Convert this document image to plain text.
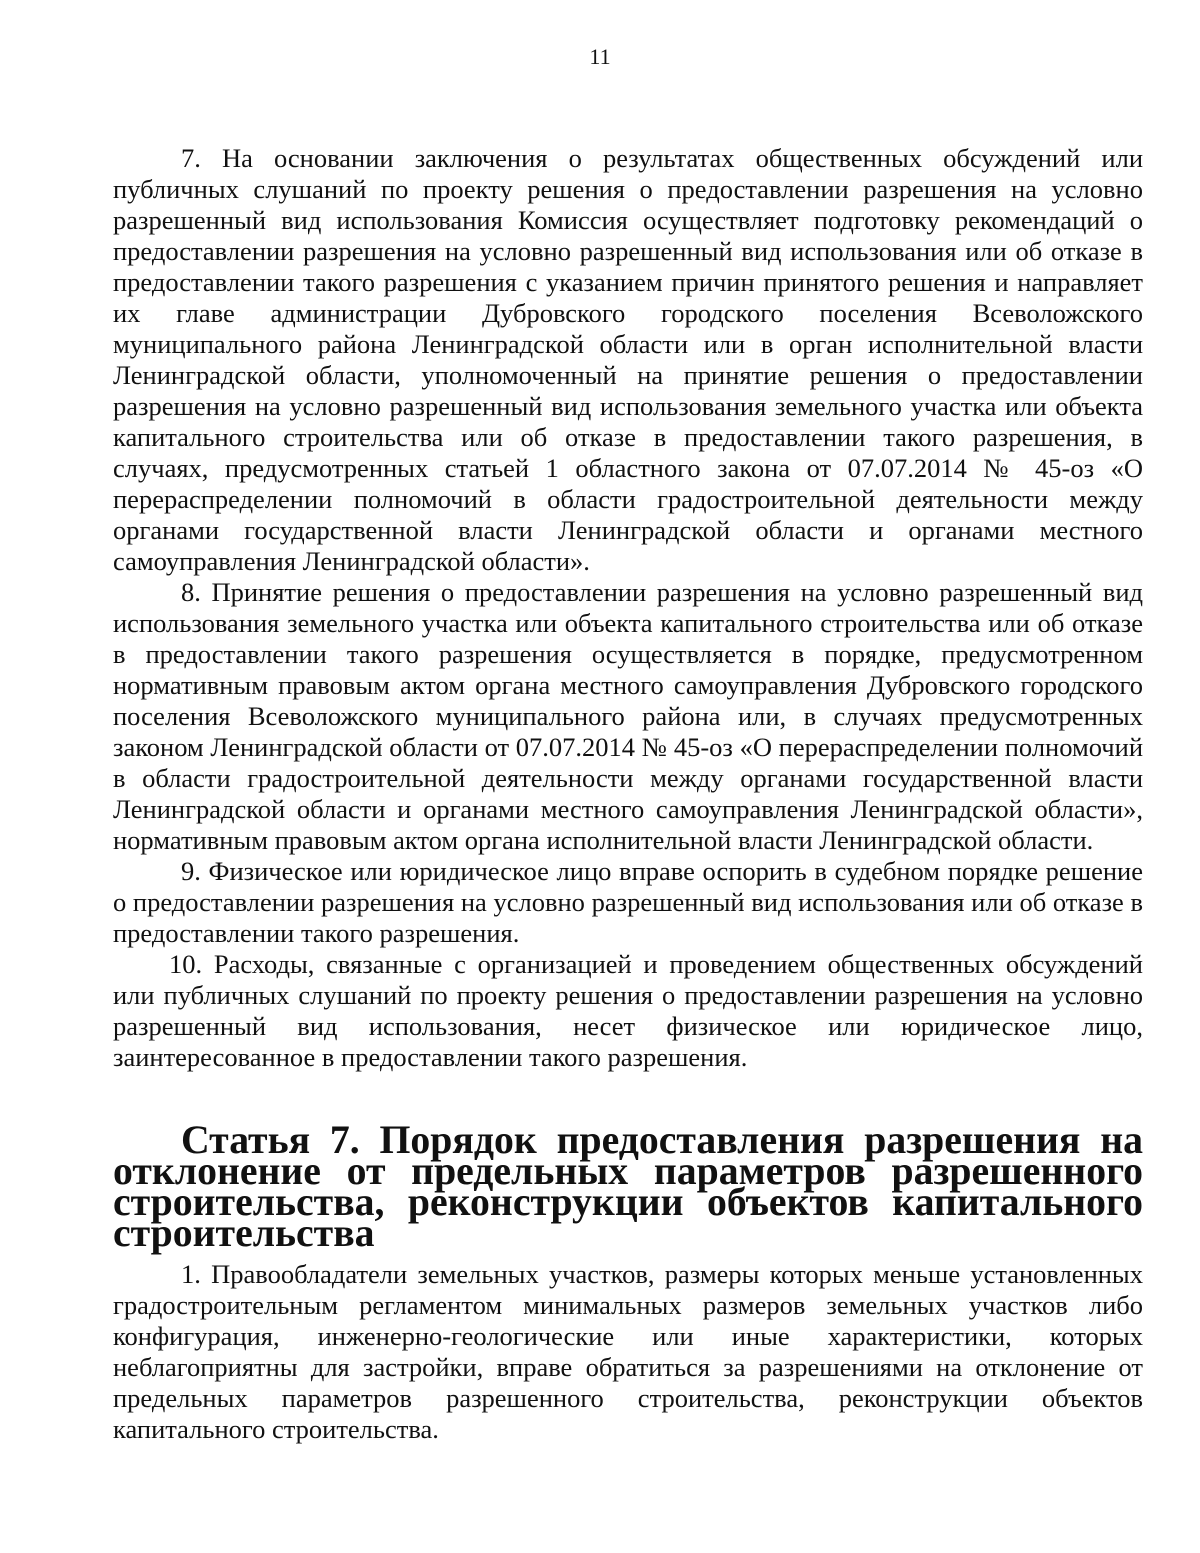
11

7. На основании заключения о результатах общественных обсуждений или публичных слушаний по проекту решения о предоставлении разрешения на условно разрешенный вид использования Комиссия осуществляет подготовку рекомендаций о предоставлении разрешения на условно разрешенный вид использования или об отказе в предоставлении такого разрешения с указанием причин принятого решения и направляет их главе администрации Дубровского городского поселения Всеволожского муниципального района Ленинградской области или в орган исполнительной власти Ленинградской области, уполномоченный на принятие решения о предоставлении разрешения на условно разрешенный вид использования земельного участка или объекта капитального строительства или об отказе в предоставлении такого разрешения, в случаях, предусмотренных статьей 1 областного закона от 07.07.2014 № 45-оз «О перераспределении полномочий в области градостроительной деятельности между органами государственной власти Ленинградской области и органами местного самоуправления Ленинградской области».

8. Принятие решения о предоставлении разрешения на условно разрешенный вид использования земельного участка или объекта капитального строительства или об отказе в предоставлении такого разрешения осуществляется в порядке, предусмотренном нормативным правовым актом органа местного самоуправления Дубровского городского поселения Всеволожского муниципального района или, в случаях предусмотренных законом Ленинградской области от 07.07.2014 № 45-оз «О перераспределении полномочий в области градостроительной деятельности между органами государственной власти Ленинградской области и органами местного самоуправления Ленинградской области», нормативным правовым актом органа исполнительной власти Ленинградской области.

9. Физическое или юридическое лицо вправе оспорить в судебном порядке решение о предоставлении разрешения на условно разрешенный вид использования или об отказе в предоставлении такого разрешения.

10. Расходы, связанные с организацией и проведением общественных обсуждений или публичных слушаний по проекту решения о предоставлении разрешения на условно разрешенный вид использования, несет физическое или юридическое лицо, заинтересованное в предоставлении такого разрешения.

Статья 7. Порядок предоставления разрешения на отклонение от предельных параметров разрешенного строительства, реконструкции объектов капитального строительства

1. Правообладатели земельных участков, размеры которых меньше установленных градостроительным регламентом минимальных размеров земельных участков либо конфигурация, инженерно-геологические или иные характеристики, которых неблагоприятны для застройки, вправе обратиться за разрешениями на отклонение от предельных параметров разрешенного строительства, реконструкции объектов капитального строительства.
